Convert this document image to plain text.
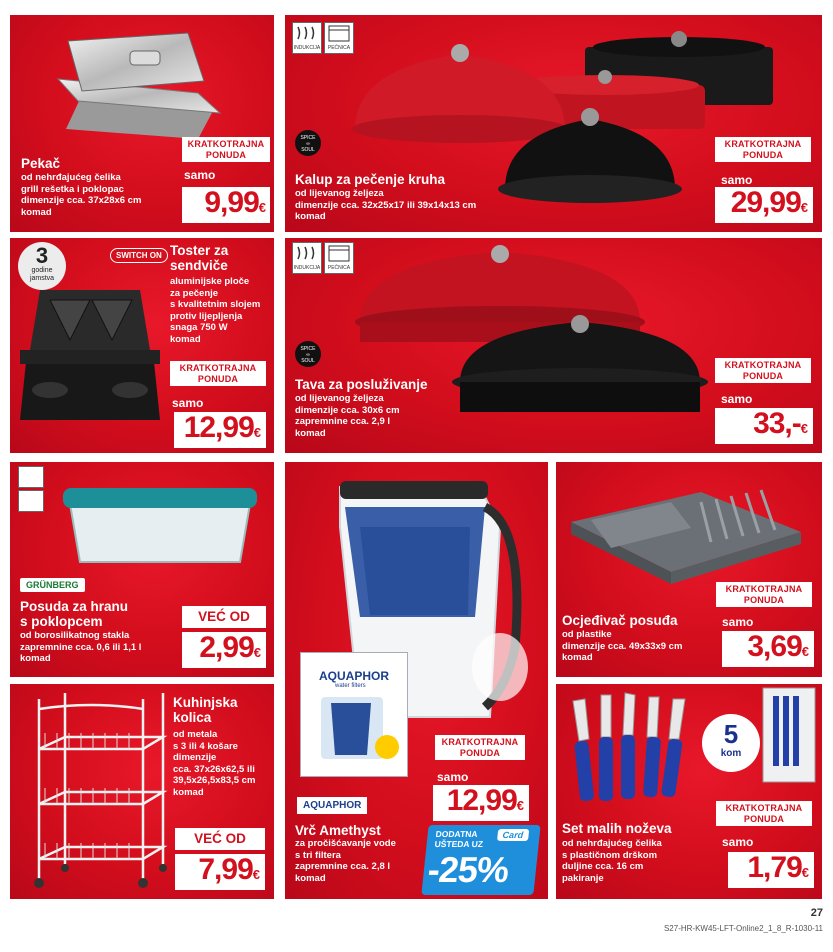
Pekač
od nehrđajućeg čelika
grill rešetka i poklopac
dimenzije cca. 37x28x6 cm
komad
KRATKOTRAJNA
PONUDA
samo
9,99€
INDUKCIJA	PEĆNICA
SPICE
∞
SOUL
Kalup za pečenje kruha
od lijevanog željeza
dimenzije cca. 32x25x17 ili 39x14x13 cm
komad
KRATKOTRAJNA
PONUDA
samo
29,99€
3
godine
jamstva
SWITCH ON Toster za
sendviče
aluminijske ploče
za pečenje
s kvalitetnim slojem
protiv lijepljenja
snaga 750 W
komad
KRATKOTRAJNA
PONUDA
samo
12,99€
INDUKCIJA	PEĆNICA
SPICE
∞
SOUL
Tava za posluživanje
od lijevanog željeza
dimenzije cca. 30x6 cm
zapremnine cca. 2,9 l
komad
KRATKOTRAJNA
PONUDA
samo
33,-€
GRÜNBERG
Posuda za hranu
s poklopcem
od borosilikatnog stakla
zapremnine cca. 0,6 ili 1,1 l
komad
VEĆ OD
2,99€
AQUAPHOR
water filters
AQUAPHOR
Vrč Amethyst
za pročišćavanje vode
s tri filtera
zapremnine cca. 2,8 l
komad
KRATKOTRAJNA
PONUDA
samo
12,99€
DODATNA
UŠTEDA UZ
Card
-25%
Ocjeđivač posuđa
od plastike
dimenzije cca. 49x33x9 cm
komad
KRATKOTRAJNA
PONUDA
samo
3,69€
Kuhinjska
kolica
od metala
s 3 ili 4 košare
dimenzije
cca. 37x26x62,5 ili
39,5x26,5x83,5 cm
komad
VEĆ OD
7,99€
5
kom
Set malih noževa
od nehrđajućeg čelika
s plastičnom drškom
duljine cca. 16 cm
pakiranje
KRATKOTRAJNA
PONUDA
samo
1,79€
27
S27-HR-KW45-LFT-Online2_1_8_R-1030-11
